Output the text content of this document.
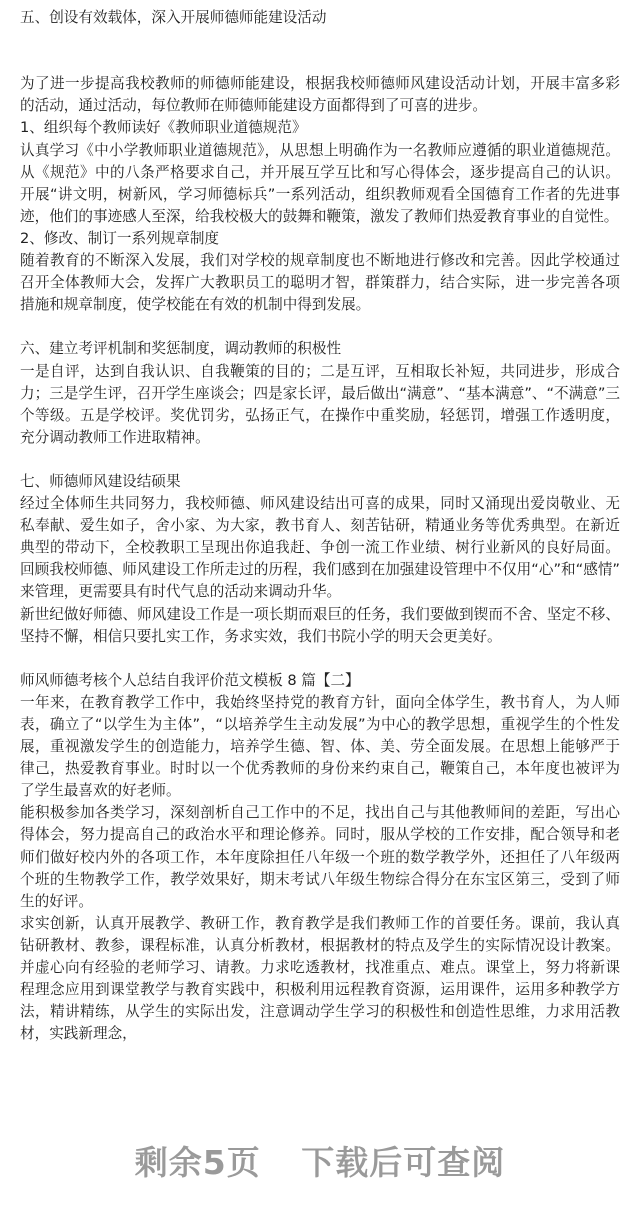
五、创设有效载体，深入开展师德师能建设活动
为了进一步提高我校教师的师德师能建设，根据我校师德师风建设活动计划，开展丰富多彩
的活动，通过活动，每位教师在师德师能建设方面都得到了可喜的进步。
1、组织每个教师读好《教师职业道德规范》
认真学习《中小学教师职业道德规范》，从思想上明确作为一名教师应遵循的职业道德规范。
从《规范》中的八条严格要求自己，并开展互学互比和写心得体会，逐步提高自己的认识。
开展“讲文明，树新风，学习师德标兵”一系列活动，组织教师观看全国德育工作者的先进事
迹，他们的事迹感人至深，给我校极大的鼓舞和鞭策，激发了教师们热爱教育事业的自觉性。
2、修改、制订一系列规章制度
随着教育的不断深入发展，我们对学校的规章制度也不断地进行修改和完善。因此学校通过
召开全体教师大会，发挥广大教职员工的聪明才智，群策群力，结合实际，进一步完善各项
措施和规章制度，使学校能在有效的机制中得到发展。
六、建立考评机制和奖惩制度，调动教师的积极性
一是自评，达到自我认识、自我鞭策的目的；二是互评，互相取长补短，共同进步，形成合
力；三是学生评，召开学生座谈会；四是家长评，最后做出“满意”、“基本满意”、“不满意”三
个等级。五是学校评。奖优罚劣，弘扬正气，在操作中重奖励，轻惩罚，增强工作透明度，
充分调动教师工作进取精神。
七、师德师风建设结硕果
经过全体师生共同努力，我校师德、师风建设结出可喜的成果，同时又涌现出爱岗敬业、无
私奉献、爱生如子，舍小家、为大家，教书育人、刻苦钻研，精通业务等优秀典型。在新近
典型的带动下，全校教职工呈现出你追我赶、争创一流工作业绩、树行业新风的良好局面。
回顾我校师德、师风建设工作所走过的历程，我们感到在加强建设管理中不仅用“心”和“感情”
来管理，更需要具有时代气息的活动来调动升华。
新世纪做好师德、师风建设工作是一项长期而艰巨的任务，我们要做到锲而不舍、坚定不移、
坚持不懈，相信只要扎实工作，务求实效，我们书院小学的明天会更美好。
师风师德考核个人总结自我评价范文模板 8 篇【二】
一年来，在教育教学工作中，我始终坚持党的教育方针，面向全体学生，教书育人，为人师
表，确立了“以学生为主体”，“以培养学生主动发展”为中心的教学思想，重视学生的个性发
展，重视激发学生的创造能力，培养学生德、智、体、美、劳全面发展。在思想上能够严于
律己，热爱教育事业。时时以一个优秀教师的身份来约束自己，鞭策自己，本年度也被评为
了学生最喜欢的好老师。
能积极参加各类学习，深刻剖析自己工作中的不足，找出自己与其他教师间的差距，写出心
得体会，努力提高自己的政治水平和理论修养。同时，服从学校的工作安排，配合领导和老
师们做好校内外的各项工作，本年度除担任八年级一个班的数学教学外，还担任了八年级两
个班的生物教学工作，教学效果好，期末考试八年级生物综合得分在东宝区第三，受到了师
生的好评。
求实创新，认真开展教学、教研工作，教育教学是我们教师工作的首要任务。课前，我认真
钻研教材、教参，课程标准，认真分析教材，根据教材的特点及学生的实际情况设计教案。
并虚心向有经验的老师学习、请教。力求吃透教材，找准重点、难点。课堂上，努力将新课
程理念应用到课堂教学与教育实践中，积极利用远程教育资源，运用课件，运用多种教学方
法，精讲精练，从学生的实际出发，注意调动学生学习的积极性和创造性思维，力求用活教
材，实践新理念，
剩余5页 下载后可查阅
